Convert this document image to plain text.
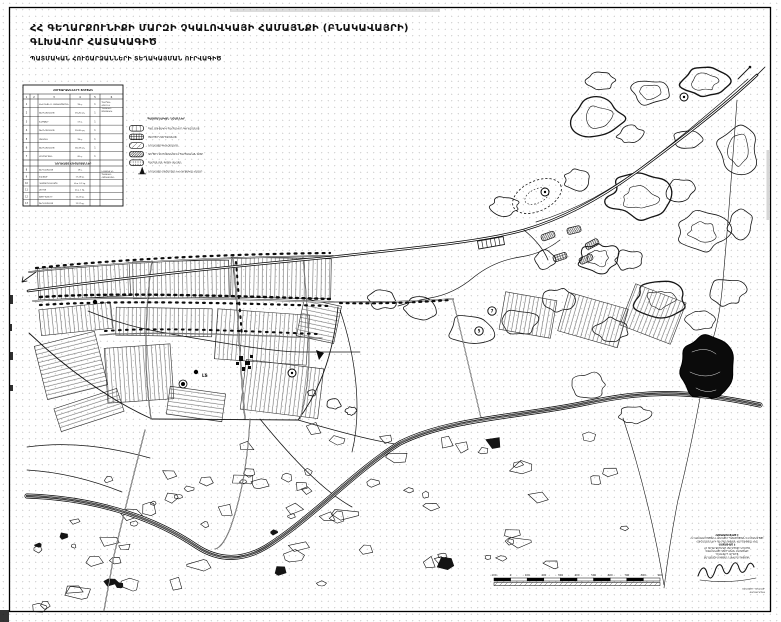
7
5
ԼՏ
ՀՈՒՇԱՐՁԱՆՆԵՐԻ ՑՈՒՑԱԿ
1 2	3	4	5	6
1	ԵԿԵՂԵՑԻ Ս. ԱՍՏՎԱԾԱԾԻՆ	19 դ.	1
2	ԳԵՐԵԶՄԱՆՈՑ	19-20 դդ.	1
3	ԽԱՉՔԱՐ	17 դ.	1
4	ԳԵՐԵԶՄԱՆՈՑ	19-20 դդ.	1
5	ՄԱՏՈՒՌ	19 դ.	1
6	ԳԵՐԵԶՄԱՆՈՑ	18-19 դդ.	1
7	ՀՈՒՇԱՐՁԱՆ	20 դ.	1
ՊԱՀՊԱՆ-
ՎՈՒՄ ԵՆ
ՊԵՏԱԿԱՆ
ՑՈՒՑԱԿՈՎ
ՆՈՐԱՀԱՅՏ ՀՈՒՇԱՐՁԱՆՆԵՐ
8	ԳԵՐԵԶՄԱՆՈՑ	19 դ.
9	ԽԱՉՔԱՐ	17-18 դդ.
10	ԴԱՄԲԱՐԱՆԱԴԱՇՏ	Ք.ա. 2-1 հզ.
11	ԱՄՐՈՑ	Ք.ա. 1 հզ.
12	ԳՅՈՒՂԱՏԵՂԻ	12-13 դդ.
13	ԳԵՐԵԶՄԱՆՈՑ	12-17 դդ.
ԵՆԹԱԿԱ ԵՆ
ՊԵՏԱԿԱՆ
ՀԱՇՎԱՌՄԱՆ
ՊԱՅՄԱՆԱԿԱՆ ՆՇԱՆՆԵՐ
ՊԵՏ. ՑՈՒՑԱԿՈՎ ՊԱՀՊԱՆՎՈՂ ԳԵՐԵԶՄԱՆՈՑ
ՉԳՈՐԾՈՂ ԳԵՐԵԶՄԱՆՈՑ
ՆՈՐԱՀԱՅՏ ԳԵՐԵԶՄԱՆՈՑ
ԳՈՐԾՈՂ ԳԵՐԵԶՄԱՆՈՑ ԵՎ ՊԱՀՊԱՆԱԿԱՆ ԳՈՏԻ
ՊԱՀՊԱՆՄԱՆ ԳՈՏՈՒ ՍԱՀՄԱՆ
ՆՈՐԱՀԱՅՏ ՀՈՒՇԱՐՁԱՆ ԵՎ ՀԵՐԹԱԿԱՆ ՀԱՄԱՐ
100	0	100	200	300	400	500	600	700	800	900
ՀԱՄԱՁԱՅՆԵՑՎԱԾ Է
ՀՀ ԿԱՌԱՎԱՐՈՒԹՅԱՆՆ ԱՌԸՆԹԵՐ ՊԱՏՄՈՒԹՅԱՆ ԵՎ ՄՇԱԿՈՒՅԹԻ
ՀՈՒՇԱՐՁԱՆՆԵՐԻ ՊԱՀՊԱՆՈՒԹՅԱՆ ՎԱՐՉՈՒԹՅԱՆ ՀԵՏ
ՀԱՍՏԱՏՎԱԾ Է
ՀՀ ԳԵՂԱՐՔՈՒՆԻՔԻ ՄԱՐԶՊԵՏԻ ԿՈՂՄԻՑ
ՉԿԱԼՈՎԿԱՅԻ ԳՅՈՒՂԱԿԱՆ ՀԱՄԱՅՆՔԻ
ՂԵԿԱՎԱՐԻ ԿՈՂՄԻՑ
ՔԱՂԱՔԱՇԻՆՈՒԹՅԱՆ ՆԱԽԱՐԱՐՈՒԹՅՈՒՆ
ՆԱԽԱԳԾԻ ՂԵԿԱՎԱՐ
ՃԱՐՏԱՐԱՊԵՏ
ՀՀ ԳԵՂԱՐՔՈՒՆԻՔԻ ՄԱՐԶԻ ՉԿԱԼՈՎԿԱՅԻ ՀԱՄԱՅՆՔԻ (ԲՆԱԿԱՎԱՅՐԻ)
ԳԼԽԱՎՈՐ ՀԱՏԱԿԱԳԻԾ
ՊԱՏՄԱԿԱՆ ՀՈՒՇԱՐՁԱՆՆԵՐԻ ՏԵՂԱԿԱՅՄԱՆ ՈՒՐՎԱԳԻԾ
